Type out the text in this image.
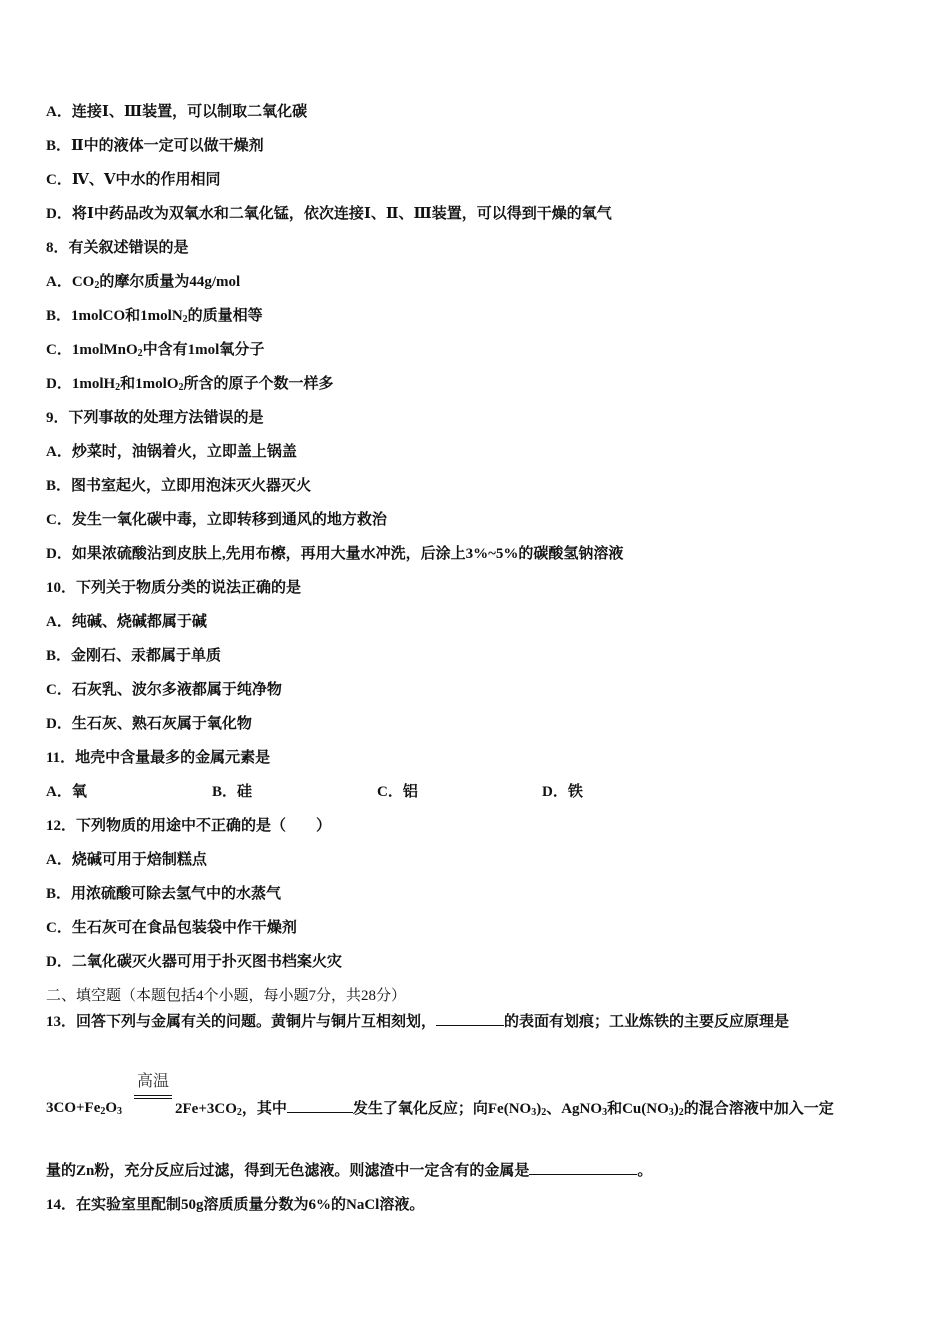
A．连接Ⅰ、Ⅲ装置，可以制取二氧化碳
B．Ⅱ中的液体一定可以做干燥剂
C．Ⅳ、Ⅴ中水的作用相同
D．将Ⅰ中药品改为双氧水和二氧化锰，依次连接Ⅰ、Ⅱ、Ⅲ装置，可以得到干燥的氧气
8．有关叙述错误的是
A．$CO_2$的摩尔质量为44g/mol
B．1molCO和1molN$_2$的质量相等
C．1molMnO$_2$中含有1mol氧分子
D．1molH$_2$和1molO$_2$所含的原子个数一样多
9．下列事故的处理方法错误的是
A．炒菜时，油锅着火，立即盖上锅盖
B．图书室起火，立即用泡沫灭火器灭火
C．发生一氧化碳中毒，立即转移到通风的地方救治
D．如果浓硫酸沾到皮肤上,先用布檫，再用大量水冲洗，后涂上3%~5%的碳酸氢钠溶液
10．下列关于物质分类的说法正确的是
A．纯碱、烧碱都属于碱
B．金刚石、汞都属于单质
C．石灰乳、波尔多液都属于纯净物
D．生石灰、熟石灰属于氧化物
11．地壳中含量最多的金属元素是
A．氧	B．硅	C．铝	D．铁
12．下列物质的用途中不正确的是（　　）
A．烧碱可用于焙制糕点
B．用浓硫酸可除去氢气中的水蒸气
C．生石灰可在食品包装袋中作干燥剂
D．二氧化碳灭火器可用于扑灭图书档案火灾
二、填空题（本题包括4个小题，每小题7分，共28分）
13．回答下列与金属有关的问题。黄铜片与铜片互相刻划，	的表面有划痕；工业炼铁的主要反应原理是
高温
$3CO+Fe_2O_3$	$2Fe+3CO_2$，其中	发生了氧化反应；向$Fe(NO_3)_2$、AgNO$_3$和$Cu(NO_3)_2$的混合溶液中加入一定
量的Zn粉，充分反应后过滤，得到无色滤液。则滤渣中一定含有的金属是	。
14．在实验室里配制50g溶质质量分数为6%的NaCl溶液。
